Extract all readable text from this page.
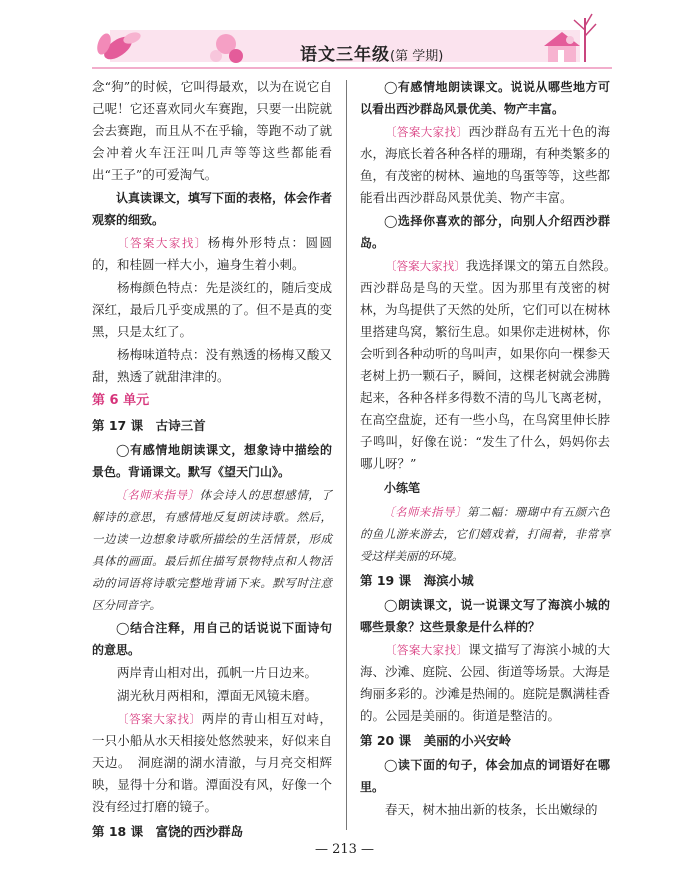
语文三年级(第 学期)

念“狗”的时候，它叫得最欢，以为在说它自己呢！它还喜欢同火车赛跑，只要一出院就会去赛跑，而且从不在乎输，等跑不动了就会冲着火车汪汪叫几声等等这些都能看出“王子”的可爱淘气。

认真读课文，填写下面的表格，体会作者观察的细致。

〔答案大家找〕杨梅外形特点：圆圆的，和桂圆一样大小，遍身生着小刺。

杨梅颜色特点：先是淡红的，随后变成深红，最后几乎变成黑的了。但不是真的变黑，只是太红了。

杨梅味道特点：没有熟透的杨梅又酸又甜，熟透了就甜津津的。

第 6 单元
第 17 课　古诗三首

◯有感情地朗读课文，想象诗中描绘的景色。背诵课文。默写《望天门山》。

〔名师来指导〕体会诗人的思想感情，了解诗的意思，有感情地反复朗读诗歌。然后，一边读一边想象诗歌所描绘的生活情景，形成具体的画面。最后抓住描写景物特点和人物活动的词语将诗歌完整地背诵下来。默写时注意区分同音字。

◯结合注释，用自己的话说说下面诗句的意思。

两岸青山相对出，孤帆一片日边来。

湖光秋月两相和，潭面无风镜未磨。

〔答案大家找〕两岸的青山相互对峙，一只小船从水天相接处悠然驶来，好似来自天边。　洞庭湖的湖水清澈，与月亮交相辉映，显得十分和谐。潭面没有风，好像一个没有经过打磨的镜子。

第 18 课　富饶的西沙群岛

◯有感情地朗读课文。说说从哪些地方可以看出西沙群岛风景优美、物产丰富。

〔答案大家找〕西沙群岛有五光十色的海水，海底长着各种各样的珊瑚，有种类繁多的鱼，有茂密的树林、遍地的鸟蛋等等，这些都能看出西沙群岛风景优美、物产丰富。

◯选择你喜欢的部分，向别人介绍西沙群岛。

〔答案大家找〕我选择课文的第五自然段。　西沙群岛是鸟的天堂。因为那里有茂密的树林，为鸟提供了天然的处所，它们可以在树林里搭建鸟窝，繁衍生息。如果你走进树林，你会听到各种动听的鸟叫声，如果你向一棵参天老树上扔一颗石子，瞬间，这棵老树就会沸腾起来，各种各样多得数不清的鸟儿飞离老树，在高空盘旋，还有一些小鸟，在鸟窝里伸长脖子鸣叫，好像在说：“发生了什么，妈妈你去哪儿呀？”

小练笔

〔名师来指导〕第二幅：珊瑚中有五颜六色的鱼儿游来游去，它们嬉戏着，打闹着，非常享受这样美丽的环境。

第 19 课　海滨小城

◯朗读课文，说一说课文写了海滨小城的哪些景象？这些景象是什么样的？

〔答案大家找〕课文描写了海滨小城的大海、沙滩、庭院、公园、街道等场景。大海是绚丽多彩的。沙滩是热闹的。庭院是飘满桂香的。公园是美丽的。街道是整洁的。

第 20 课　美丽的小兴安岭

◯读下面的句子，体会加点的词语好在哪里。

春天，树木抽出新的枝条，长出嫩绿的

— 213 —
